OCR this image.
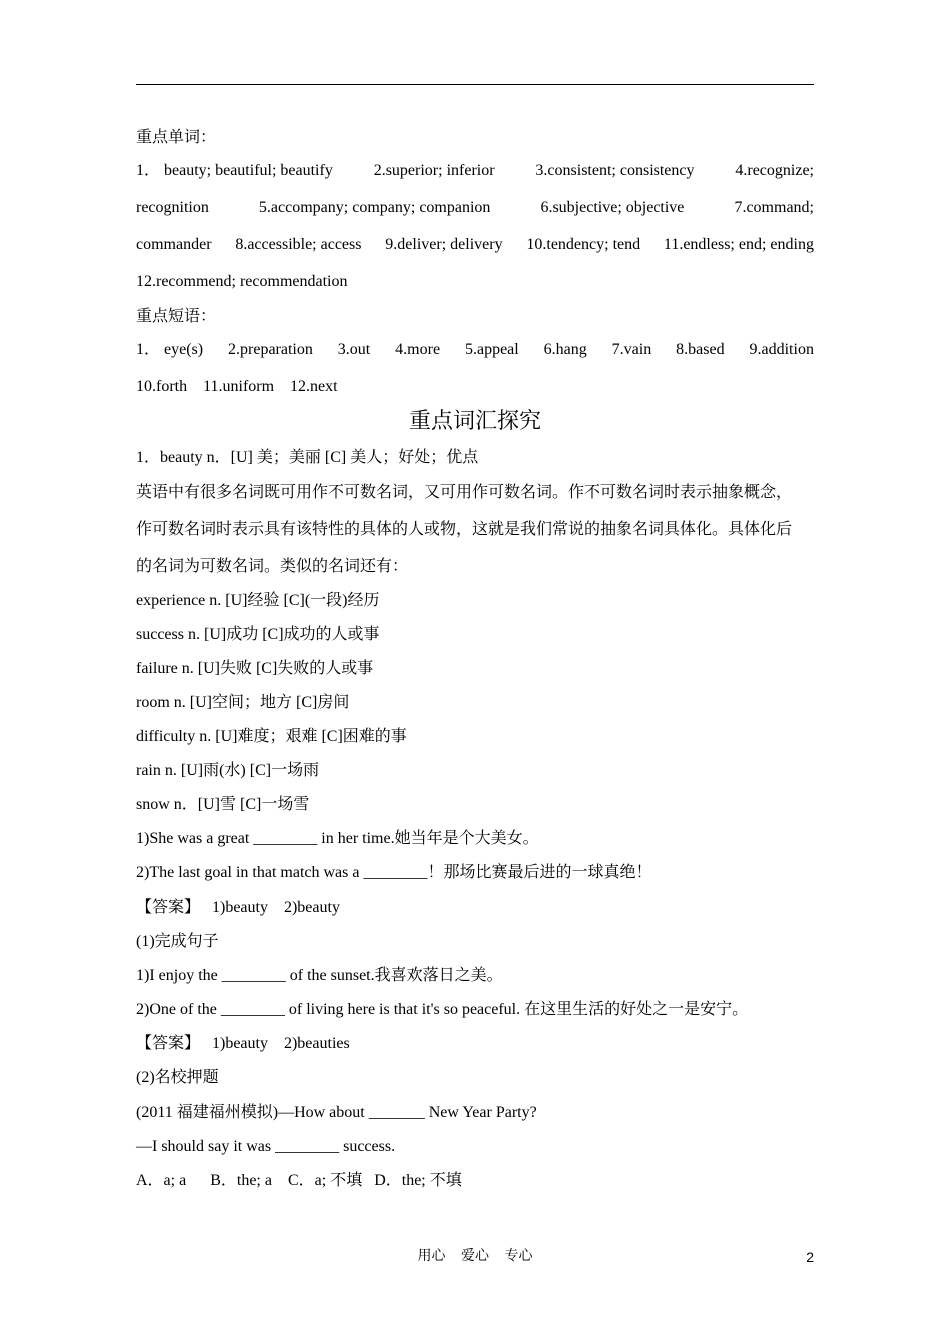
重点单词：
1． beauty; beautiful; beautify	2.superior; inferior	3.consistent; consistency	4.recognize;
recognition	5.accompany; company; companion	6.subjective; objective	7.command;
commander 8.accessible; access 9.deliver; delivery 10.tendency; tend 11.endless; end; ending
12.recommend; recommendation
重点短语：
1． eye(s) 2.preparation 3.out 4.more 5.appeal 6.hang 7.vain 8.based 9.addition
10.forth    11.uniform    12.next
重点词汇探究
1．beauty n．[U] 美；美丽 [C] 美人；好处；优点
英语中有很多名词既可用作不可数名词，又可用作可数名词。作不可数名词时表示抽象概念，
作可数名词时表示具有该特性的具体的人或物，这就是我们常说的抽象名词具体化。具体化后
的名词为可数名词。类似的名词还有：
experience n. [U]经验 [C](一段)经历
success n. [U]成功 [C]成功的人或事
failure n. [U]失败 [C]失败的人或事
room n. [U]空间；地方 [C]房间
difficulty n. [U]难度；艰难 [C]困难的事
rain n. [U]雨(水) [C]一场雨
snow n．[U]雪 [C]一场雪
1)She was a great ________ in her time.她当年是个大美女。
2)The last goal in that match was a ________！那场比赛最后进的一球真绝！
【答案】   1)beauty    2)beauty
(1)完成句子
1)I enjoy the ________ of the sunset.我喜欢落日之美。
2)One of the ________ of living here is that it's so peaceful. 在这里生活的好处之一是安宁。
【答案】   1)beauty    2)beauties
(2)名校押题
(2011 福建福州模拟)—How about _______ New Year Party?
—I should say it was ________ success.
A．a; a      B．the; a    C．a; 不填   D．the; 不填
用心 爱心 专心	2
